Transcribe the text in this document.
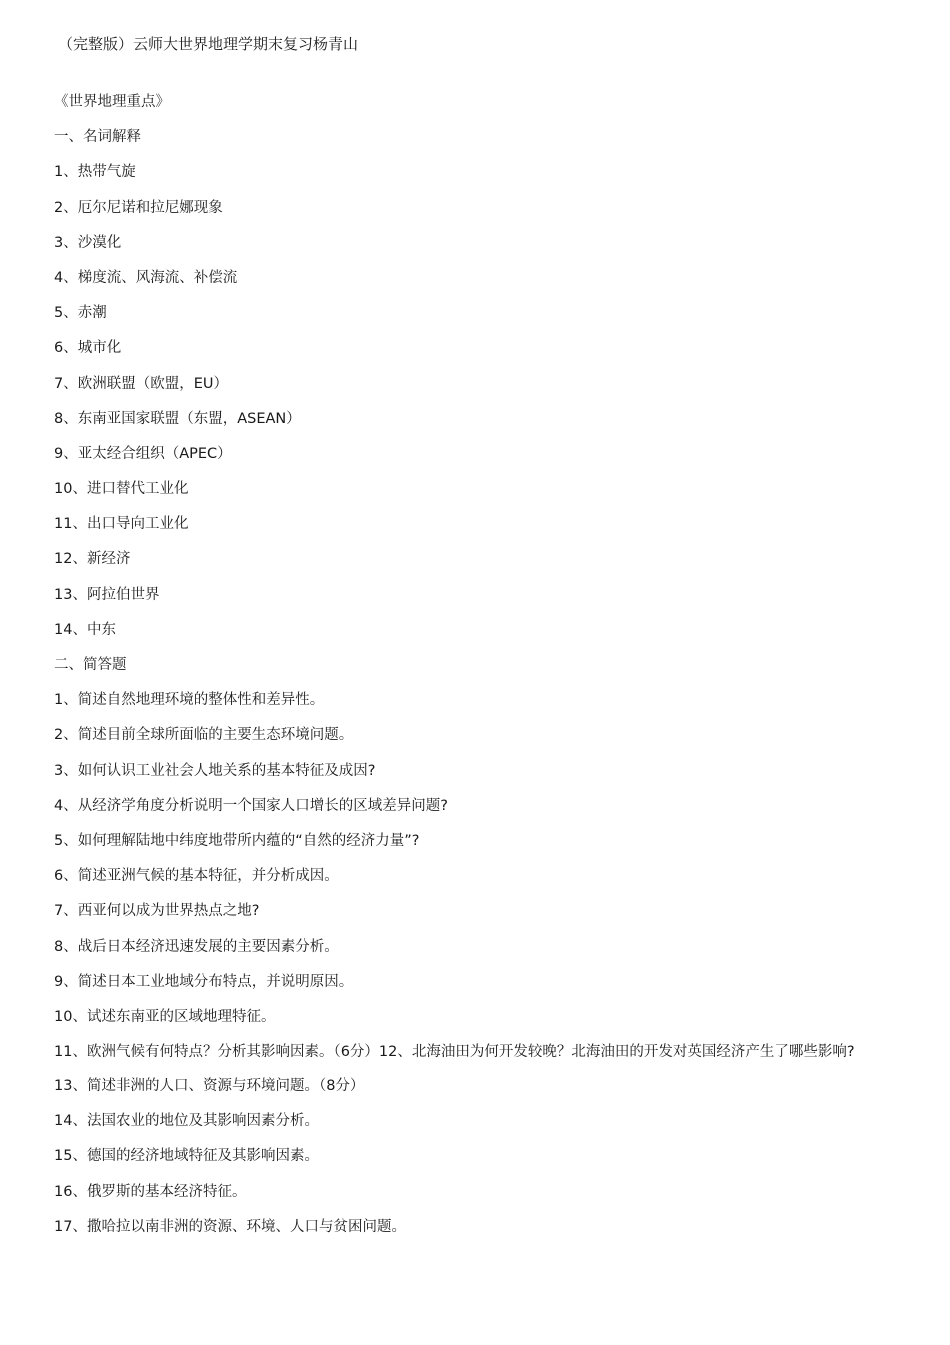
（完整版）云师大世界地理学期末复习杨青山
《世界地理重点》
一、名词解释
1、热带气旋
2、厄尔尼诺和拉尼娜现象
3、沙漠化
4、梯度流、风海流、补偿流
5、赤潮
6、城市化
7、欧洲联盟（欧盟，EU）
8、东南亚国家联盟（东盟，ASEAN）
9、亚太经合组织（APEC）
10、进口替代工业化
11、出口导向工业化
12、新经济
13、阿拉伯世界
14、中东
二、简答题
1、简述自然地理环境的整体性和差异性。
2、简述目前全球所面临的主要生态环境问题。
3、如何认识工业社会人地关系的基本特征及成因?
4、从经济学角度分析说明一个国家人口增长的区域差异问题?
5、如何理解陆地中纬度地带所内蕴的“自然的经济力量”?
6、简述亚洲气候的基本特征，并分析成因。
7、西亚何以成为世界热点之地?
8、战后日本经济迅速发展的主要因素分析。
9、简述日本工业地域分布特点，并说明原因。
10、试述东南亚的区域地理特征。
11、欧洲气候有何特点？分析其影响因素。（6分）12、北海油田为何开发较晚？北海油田的开发对英国经济产生了哪些影响?
13、简述非洲的人口、资源与环境问题。（8分）
14、法国农业的地位及其影响因素分析。
15、德国的经济地域特征及其影响因素。
16、俄罗斯的基本经济特征。
17、撒哈拉以南非洲的资源、环境、人口与贫困问题。
